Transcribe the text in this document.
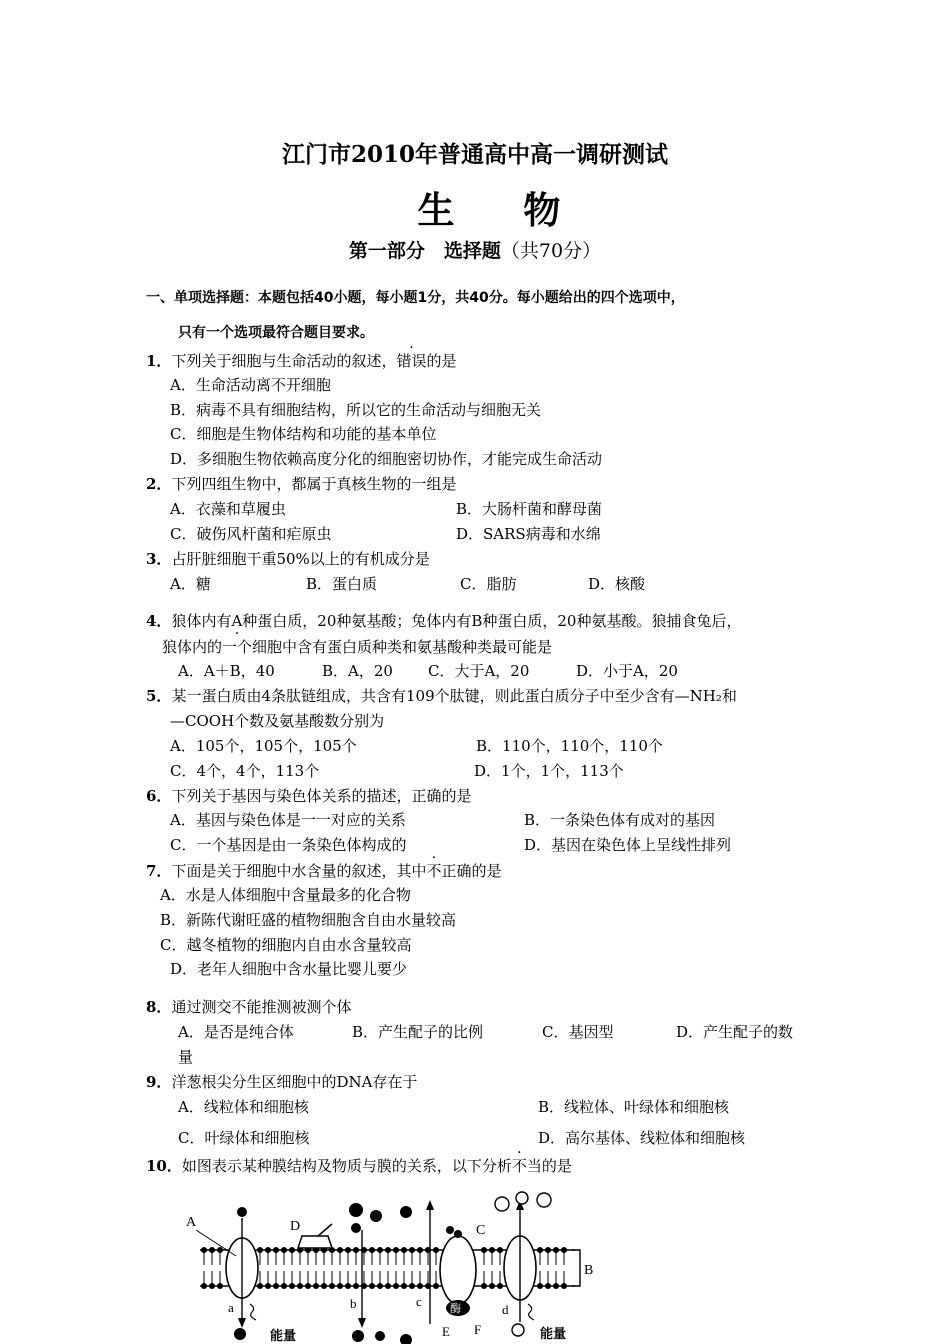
江门市2010年普通高中高一调研测试
生 物
第一部分　选择题（共70分）
一、单项选择题：本题包括40小题，每小题1分，共40分。每小题给出的四个选项中，
只有一个选项最符合题目要求。
1．下列关于细胞与生命活动的叙述，错误的是
A．生命活动离不开细胞
B．病毒不具有细胞结构，所以它的生命活动与细胞无关
C．细胞是生物体结构和功能的基本单位
D．多细胞生物依赖高度分化的细胞密切协作，才能完成生命活动
2．下列四组生物中，都属于真核生物的一组是
A．衣藻和草履虫	B．大肠杆菌和酵母菌
C．破伤风杆菌和疟原虫	D．SARS病毒和水绵
3．占肝脏细胞干重50%以上的有机成分是
A．糖	B．蛋白质	C．脂肪	D．核酸
4．狼体内有A种蛋白质，20种氨基酸；兔体内有B种蛋白质，20种氨基酸。狼捕食兔后，
狼体内的一个细胞中含有蛋白质种类和氨基酸种类最可能是
A．A＋B，40	B．A，20 C．大于A，20	D．小于A，20
5．某一蛋白质由4条肽链组成，共含有109个肽键，则此蛋白质分子中至少含有—NH₂和
—COOH个数及氨基酸数分别为
A．105个，105个，105个	B．110个，110个，110个
C．4个，4个，113个	D．1个，1个，113个
6．下列关于基因与染色体关系的描述，正确的是
A．基因与染色体是一一对应的关系	B．一条染色体有成对的基因
C．一个基因是由一条染色体构成的	D．基因在染色体上呈线性排列
7．下面是关于细胞中水含量的叙述，其中不正确的是
A．水是人体细胞中含量最多的化合物
B．新陈代谢旺盛的植物细胞含自由水量较高
C．越冬植物的细胞内自由水含量较高
D．老年人细胞中含水量比婴儿要少
8．通过测交不能推测被测个体
A．是否是纯合体	B．产生配子的比例	C．基因型	D．产生配子的数
量
9．洋葱根尖分生区细胞中的DNA存在于
A．线粒体和细胞核	B．线粒体、叶绿体和细胞核
C．叶绿体和细胞核	D．高尔基体、线粒体和细胞核
10．如图表示某种膜结构及物质与膜的关系，以下分析不当的是
A	D	C
B
a	b	c
d
酶
E F
能量	能量
